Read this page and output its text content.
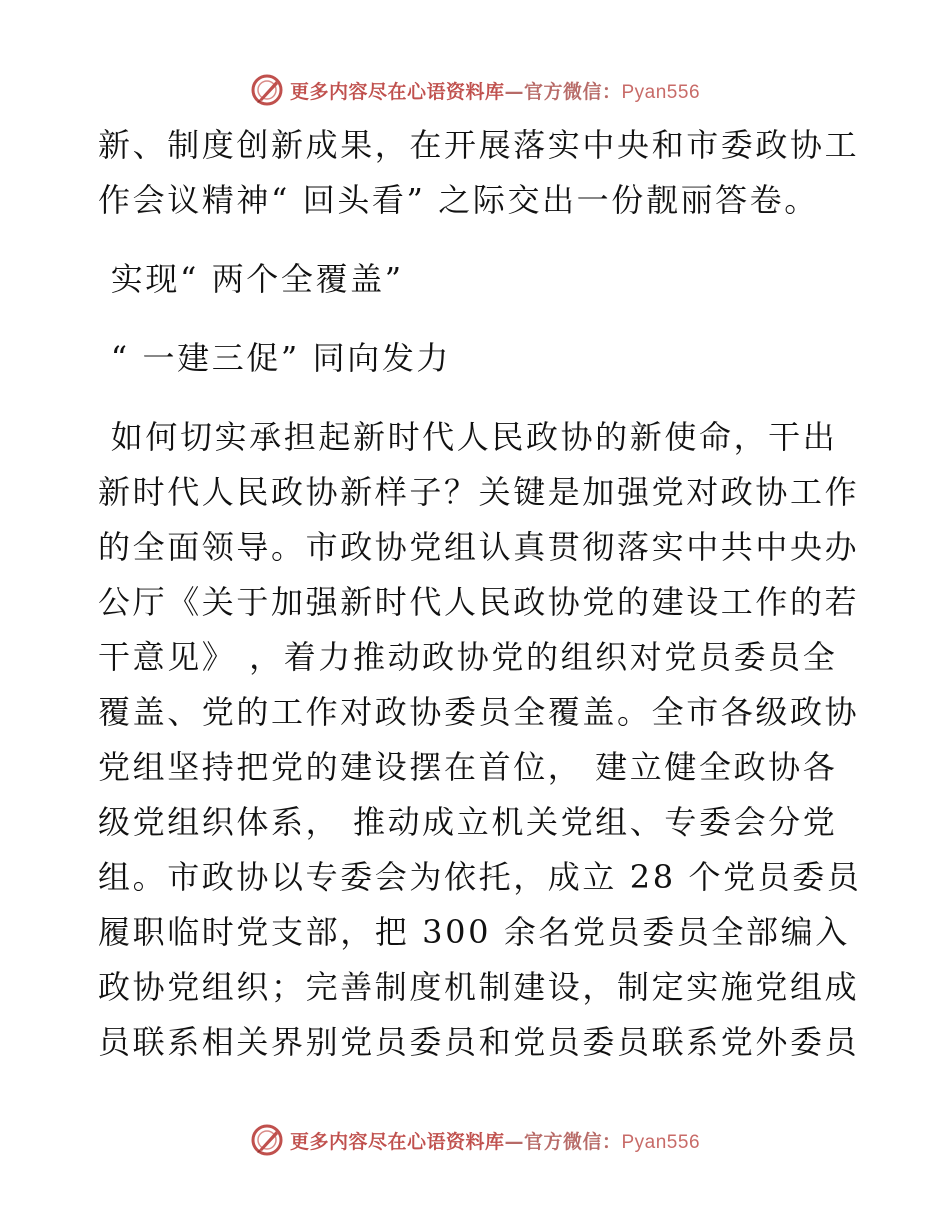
更多内容尽在心语资料库—官方微信：Pyan556

新、制度创新成果，在开展落实中央和市委政协工

作会议精神“ 回头看” 之际交出一份靓丽答卷。

实现“ 两个全覆盖”

“ 一建三促” 同向发力

如何切实承担起新时代人民政协的新使命，干出

新时代人民政协新样子？关键是加强党对政协工作

的全面领导。市政协党组认真贯彻落实中共中央办

公厅《关于加强新时代人民政协党的建设工作的若

干意见》 ，着力推动政协党的组织对党员委员全

覆盖、党的工作对政协委员全覆盖。全市各级政协

党组坚持把党的建设摆在首位， 建立健全政协各

级党组织体系， 推动成立机关党组、专委会分党

组。市政协以专委会为依托，成立 28 个党员委员

履职临时党支部，把 300 余名党员委员全部编入

政协党组织；完善制度机制建设，制定实施党组成

员联系相关界别党员委员和党员委员联系党外委员

更多内容尽在心语资料库—官方微信：Pyan556
